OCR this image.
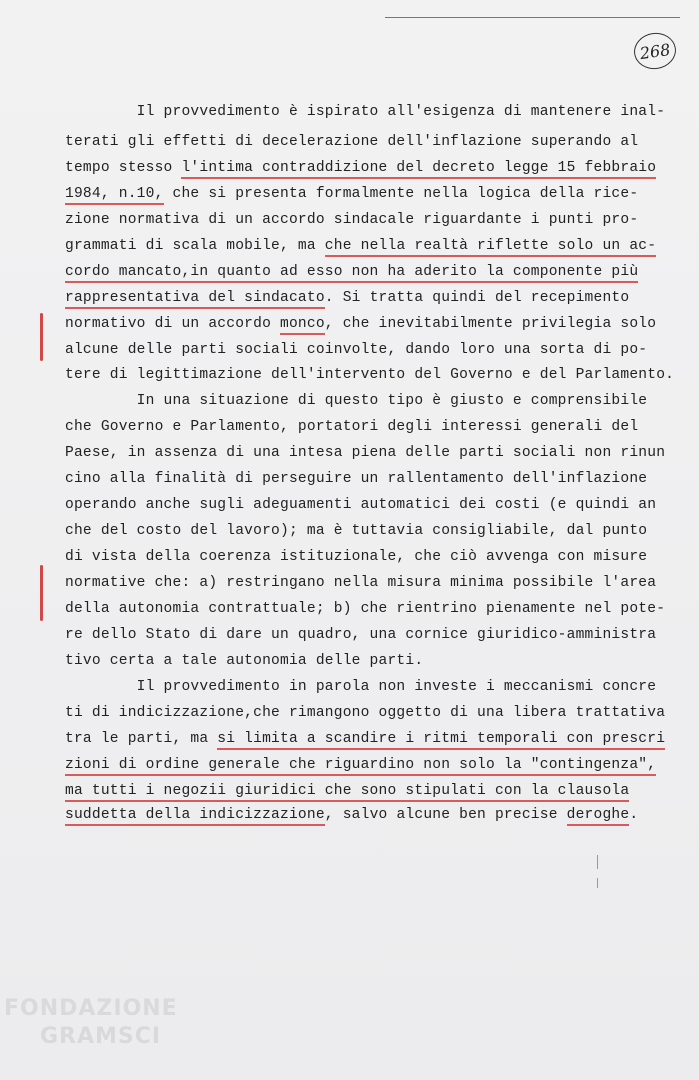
268
Il provvedimento è ispirato all'esigenza di mantenere inal-
terati gli effetti di decelerazione dell'inflazione superando al
tempo stesso l'intima contraddizione del decreto legge 15 febbraio
1984, n.10, che si presenta formalmente nella logica della rice-
zione normativa di un accordo sindacale riguardante i punti pro-
grammati di scala mobile, ma che nella realtà riflette solo un ac-
cordo mancato,in quanto ad esso non ha aderito la componente più
rappresentativa del sindacato. Si tratta quindi del recepimento
normativo di un accordo monco, che inevitabilmente privilegia solo
alcune delle parti sociali coinvolte, dando loro una sorta di po-
tere di legittimazione dell'intervento del Governo e del Parlamento.
In una situazione di questo tipo è giusto e comprensibile
che Governo e Parlamento, portatori degli interessi generali del
Paese, in assenza di una intesa piena delle parti sociali non rinun
cino alla finalità di perseguire un rallentamento dell'inflazione
operando anche sugli adeguamenti automatici dei costi (e quindi an
che del costo del lavoro); ma è tuttavia consigliabile, dal punto
di vista della coerenza istituzionale, che ciò avvenga con misure
normative che: a) restringano nella misura minima possibile l'area
della autonomia contrattuale; b) che rientrino pienamente nel pote-
re dello Stato di dare un quadro, una cornice giuridico-amministra
tivo certa a tale autonomia delle parti.
Il provvedimento in parola non investe i meccanismi concre
ti di indicizzazione,che rimangono oggetto di una libera trattativa
tra le parti, ma si limita a scandire i ritmi temporali con prescri
zioni di ordine generale che riguardino non solo la "contingenza",
ma tutti i negozii giuridici che sono stipulati con la clausola
suddetta della indicizzazione, salvo alcune ben precise deroghe.
FONDAZIONE
GRAMSCI
